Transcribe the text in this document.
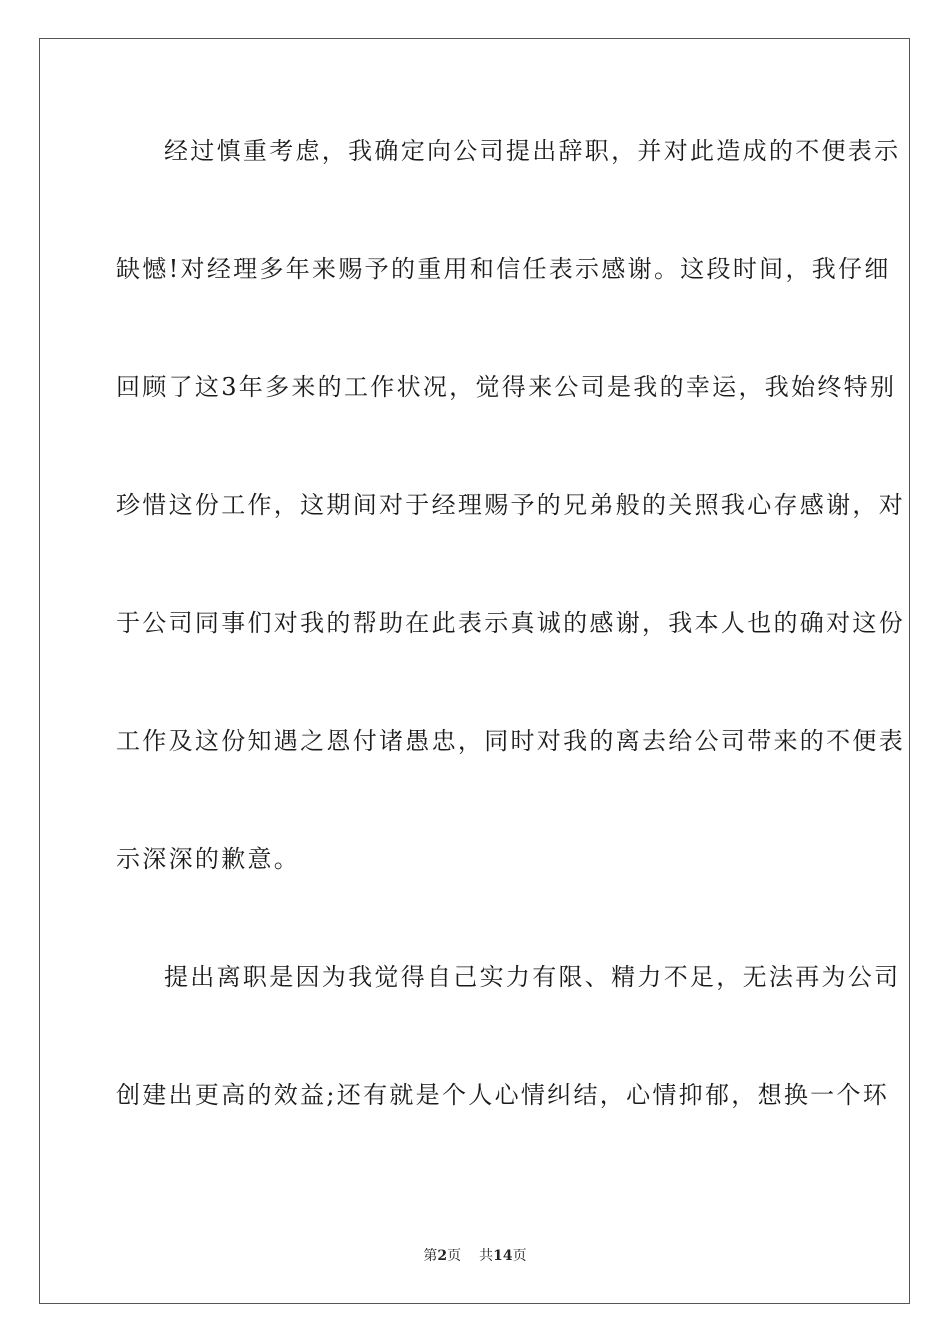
经过慎重考虑，我确定向公司提出辞职，并对此造成的不便表示
缺憾!对经理多年来赐予的重用和信任表示感谢。这段时间，我仔细
回顾了这3年多来的工作状况，觉得来公司是我的幸运，我始终特别
珍惜这份工作，这期间对于经理赐予的兄弟般的关照我心存感谢，对
于公司同事们对我的帮助在此表示真诚的感谢，我本人也的确对这份
工作及这份知遇之恩付诸愚忠，同时对我的离去给公司带来的不便表
示深深的歉意。
提出离职是因为我觉得自己实力有限、精力不足，无法再为公司
创建出更高的效益;还有就是个人心情纠结，心情抑郁，想换一个环
第2页 共14页
